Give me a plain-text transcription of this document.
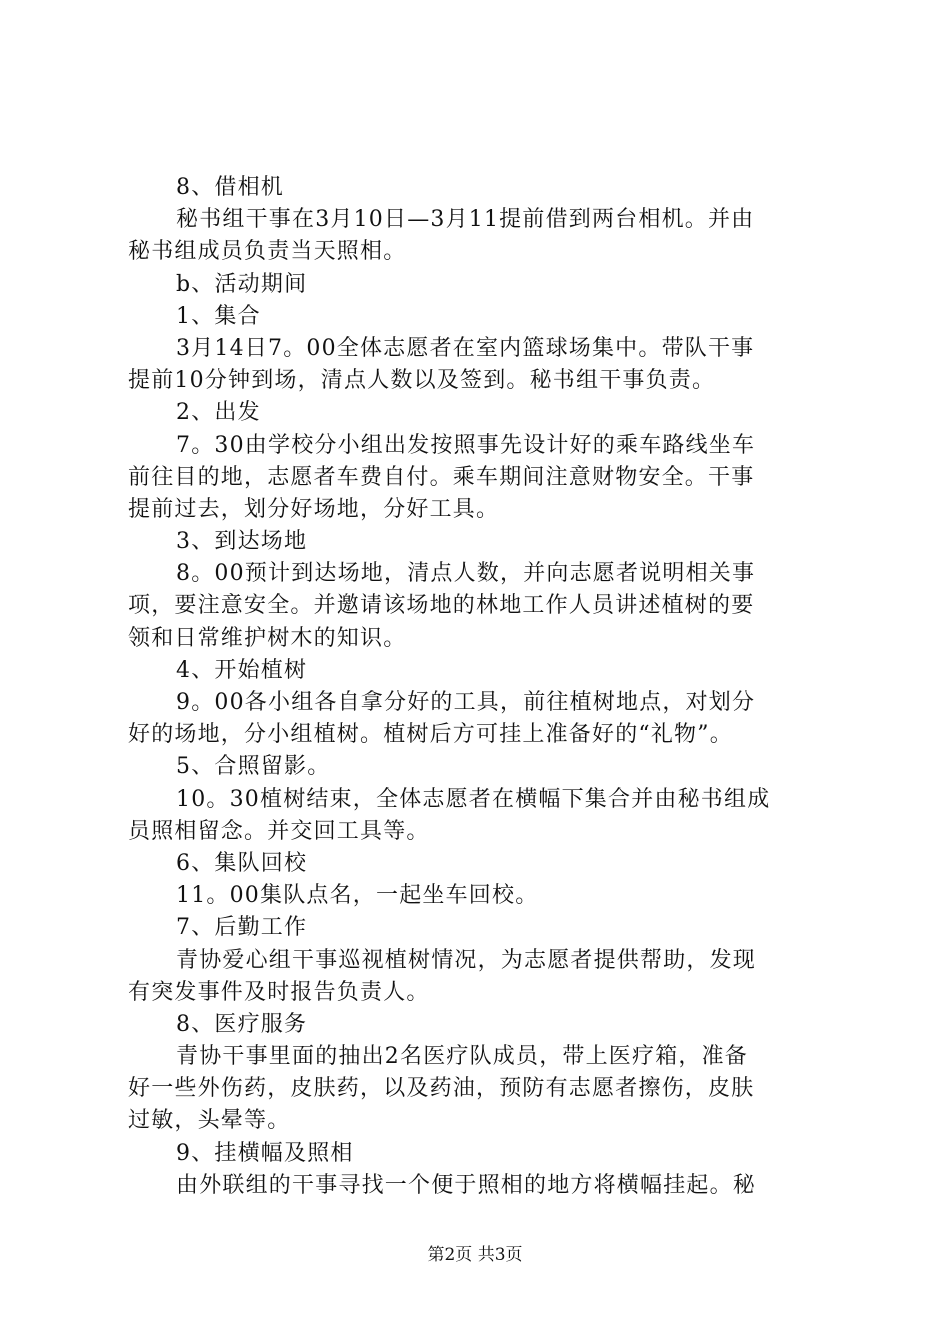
8、借相机
秘书组干事在3月10日—3月11提前借到两台相机。并由
秘书组成员负责当天照相。
b、活动期间
1、集合
3月14日7。00全体志愿者在室内篮球场集中。带队干事
提前10分钟到场，清点人数以及签到。秘书组干事负责。
2、出发
7。30由学校分小组出发按照事先设计好的乘车路线坐车
前往目的地，志愿者车费自付。乘车期间注意财物安全。干事
提前过去，划分好场地，分好工具。
3、到达场地
8。00预计到达场地，清点人数，并向志愿者说明相关事
项，要注意安全。并邀请该场地的林地工作人员讲述植树的要
领和日常维护树木的知识。
4、开始植树
9。00各小组各自拿分好的工具，前往植树地点，对划分
好的场地，分小组植树。植树后方可挂上准备好的“礼物”。
5、合照留影。
10。30植树结束，全体志愿者在横幅下集合并由秘书组成
员照相留念。并交回工具等。
6、集队回校
11。00集队点名，一起坐车回校。
7、后勤工作
青协爱心组干事巡视植树情况，为志愿者提供帮助，发现
有突发事件及时报告负责人。
8、医疗服务
青协干事里面的抽出2名医疗队成员，带上医疗箱，准备
好一些外伤药，皮肤药，以及药油，预防有志愿者擦伤，皮肤
过敏，头晕等。
9、挂横幅及照相
由外联组的干事寻找一个便于照相的地方将横幅挂起。秘
第2页 共3页
